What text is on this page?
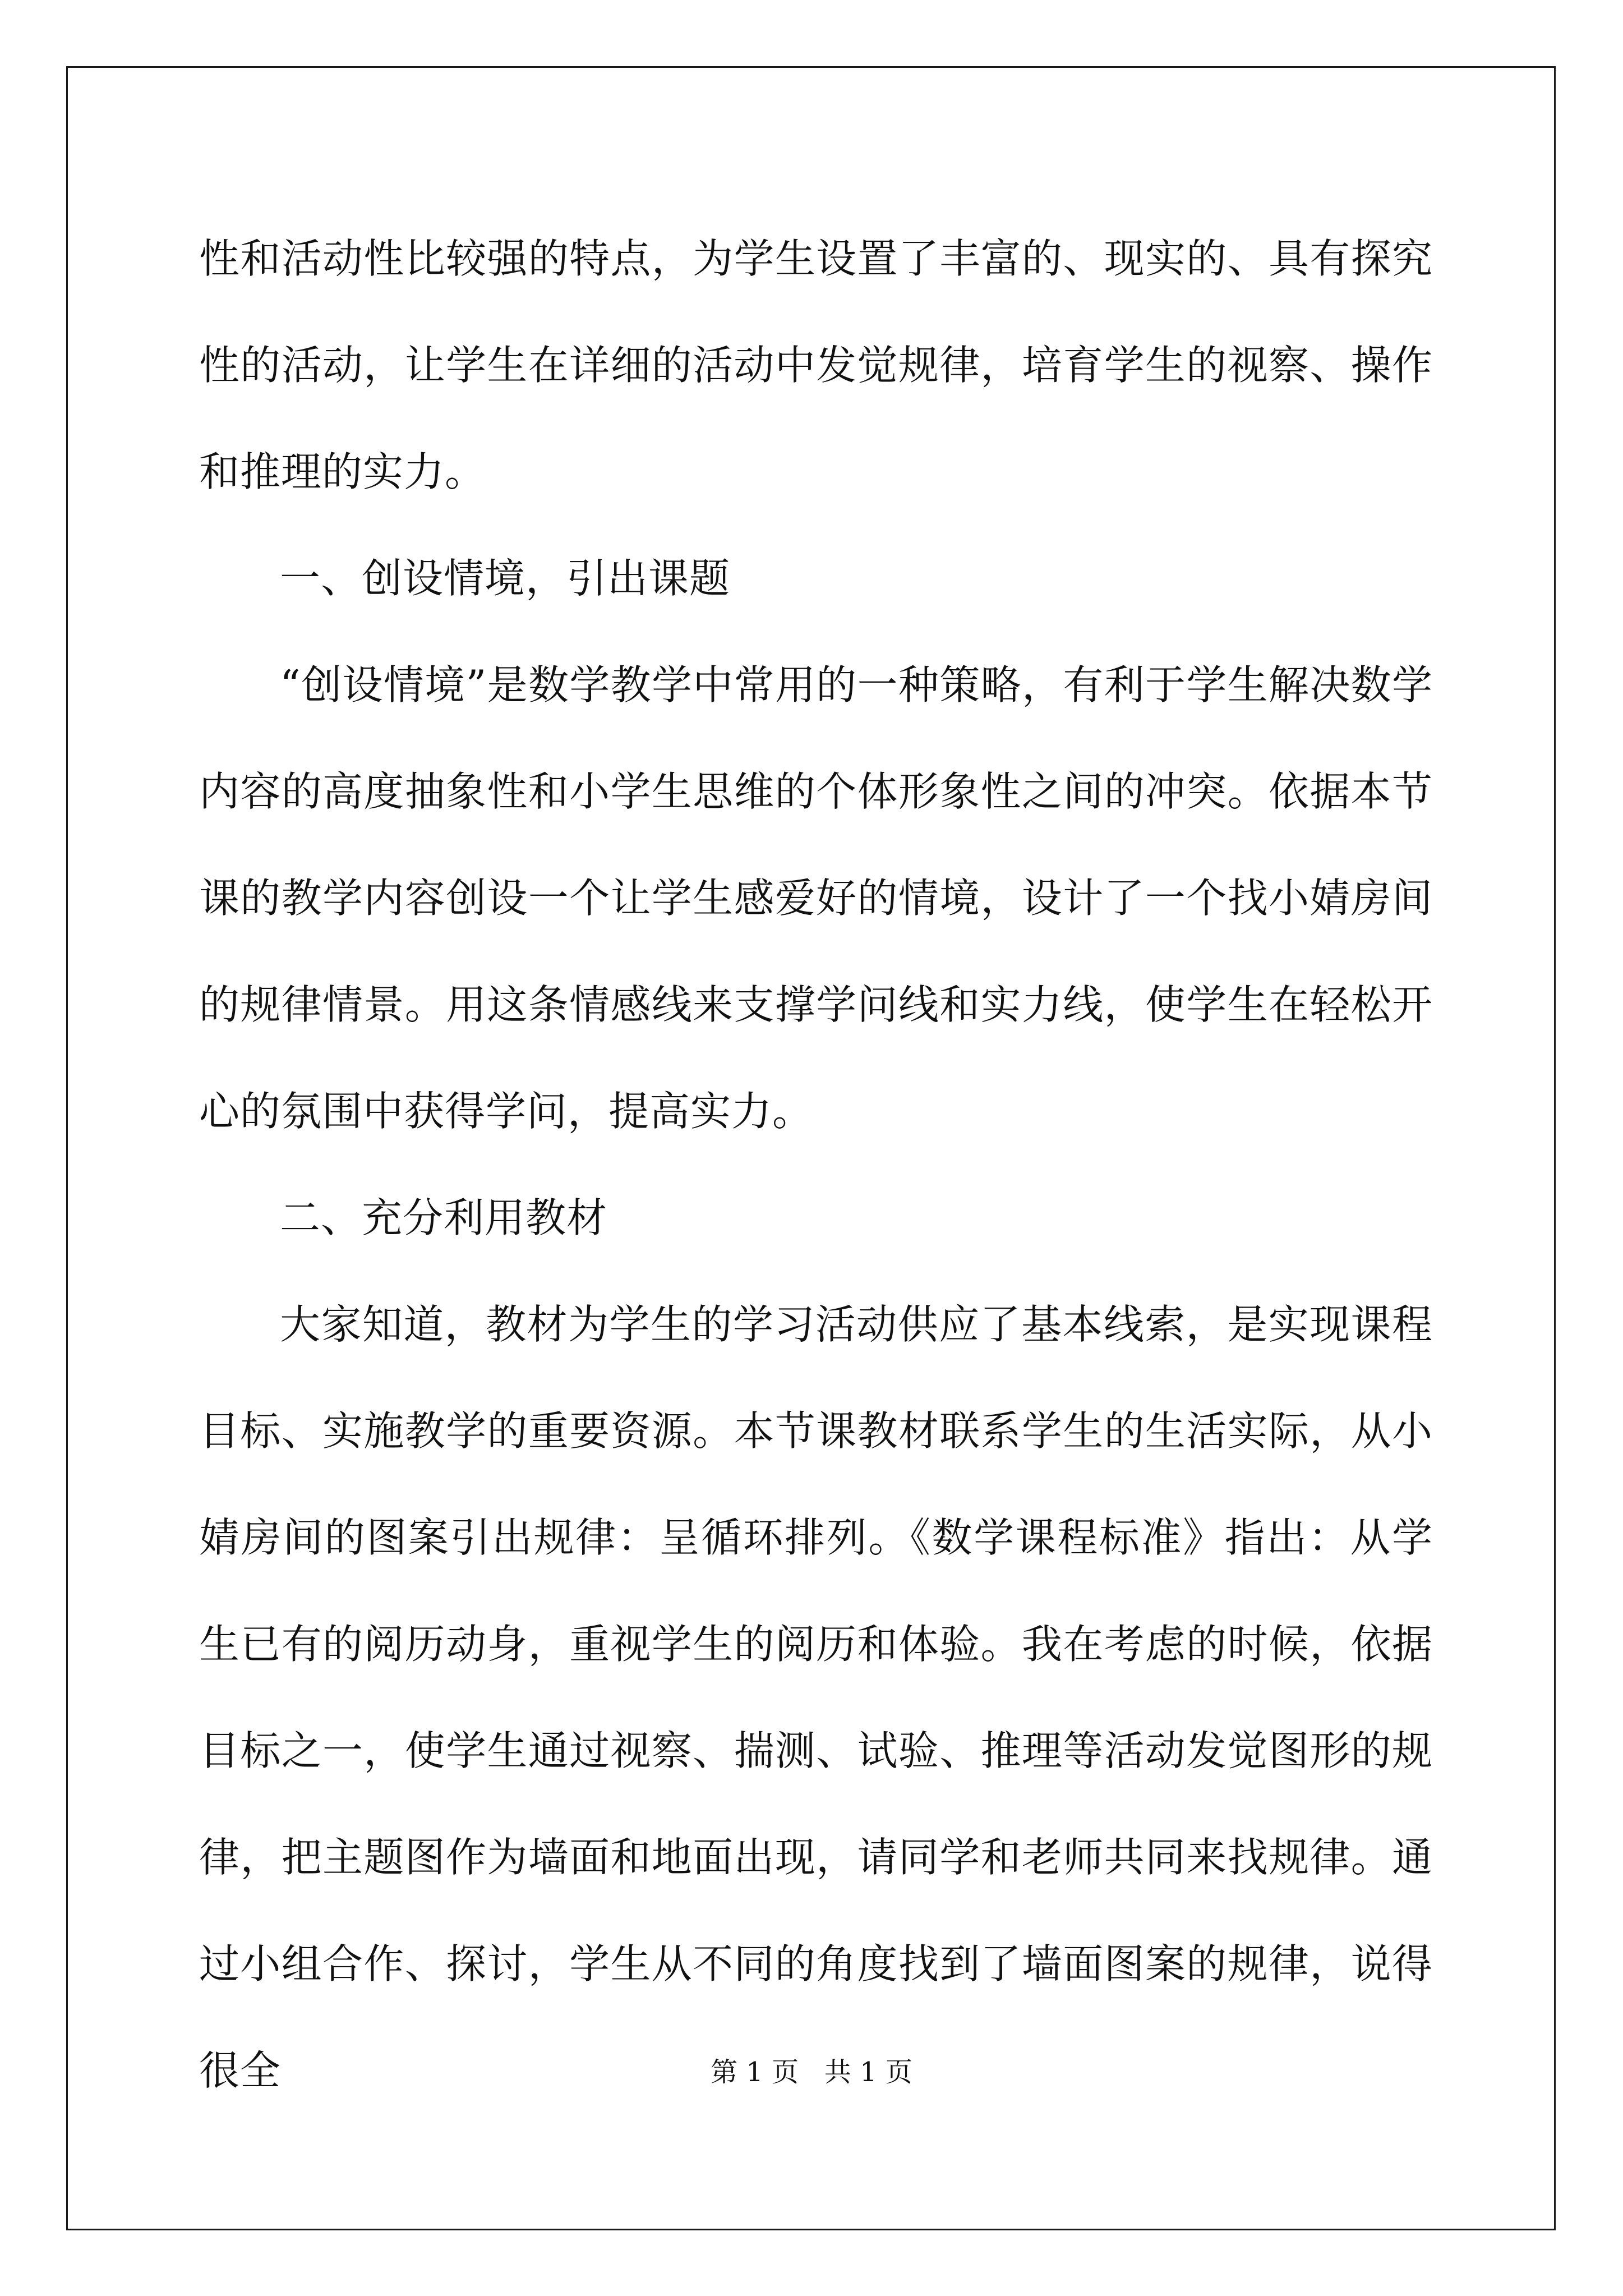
性和活动性比较强的特点，为学生设置了丰富的、现实的、具有探究性的活动，让学生在详细的活动中发觉规律，培育学生的视察、操作和推理的实力。

一、创设情境，引出课题

“创设情境”是数学教学中常用的一种策略，有利于学生解决数学内容的高度抽象性和小学生思维的个体形象性之间的冲突。依据本节课的教学内容创设一个让学生感爱好的情境，设计了一个找小婧房间的规律情景。用这条情感线来支撑学问线和实力线，使学生在轻松开心的氛围中获得学问，提高实力。

二、充分利用教材

大家知道，教材为学生的学习活动供应了基本线索，是实现课程目标、实施教学的重要资源。本节课教材联系学生的生活实际，从小婧房间的图案引出规律：呈循环排列。《数学课程标准》指出：从学生已有的阅历动身，重视学生的阅历和体验。我在考虑的时候，依据目标之一，使学生通过视察、揣测、试验、推理等活动发觉图形的规律，把主题图作为墙面和地面出现，请同学和老师共同来找规律。通过小组合作、探讨，学生从不同的角度找到了墙面图案的规律，说得很全	第 1 页   共 1 页
